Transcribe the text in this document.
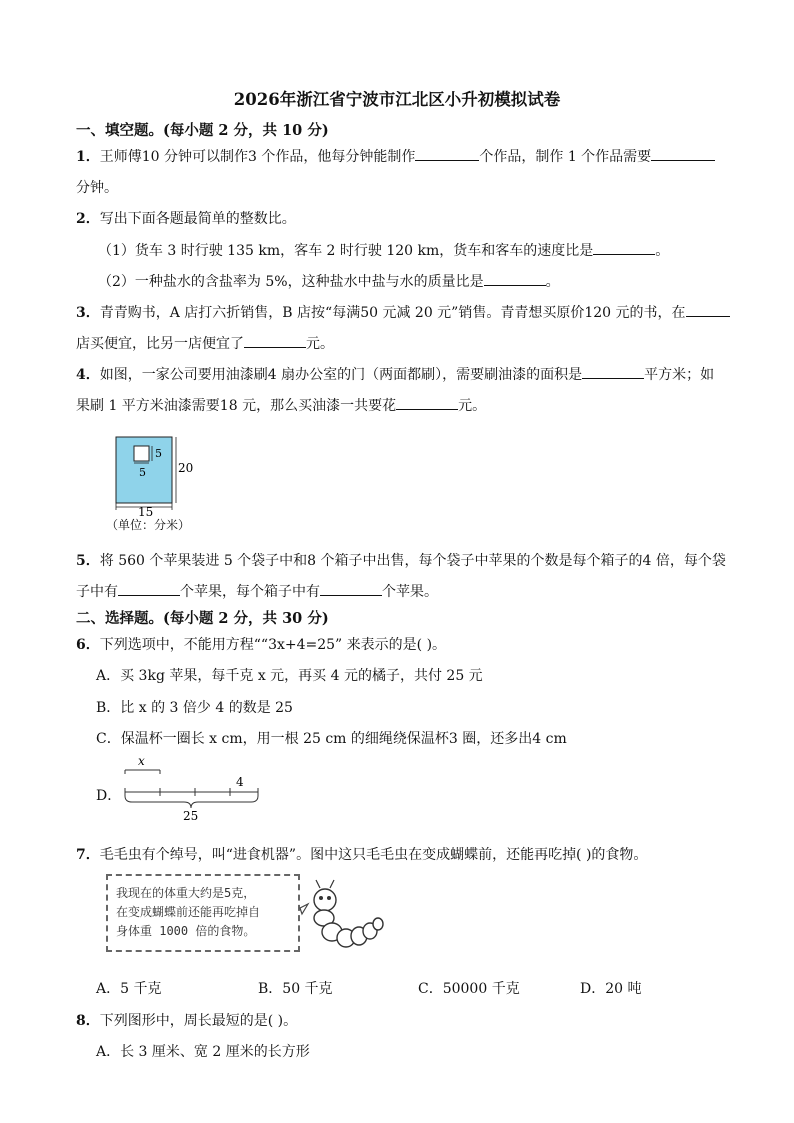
2026年浙江省宁波市江北区小升初模拟试卷
一、填空题。(每小题 2 分，共 10 分)
1．王师傅10 分钟可以制作3 个作品，他每分钟能制作	个作品，制作 1 个作品需要
分钟。
2．写出下面各题最简单的整数比。
（1）货车 3 时行驶 135 km，客车 2 时行驶 120 km，货车和客车的速度比是	。
（2）一种盐水的含盐率为 5%，这种盐水中盐与水的质量比是	。
3．青青购书，A 店打六折销售，B 店按“每满50 元减 20 元”销售。青青想买原价120 元的书，在
店买便宜，比另一店便宜了	元。
4．如图，一家公司要用油漆刷4 扇办公室的门（两面都刷），需要刷油漆的面积是	平方米；如
果刷 1 平方米油漆需要18 元，那么买油漆一共要花	元。
5
5	20
15
（单位：分米）
5．将 560 个苹果装进 5 个袋子中和8 个箱子中出售，每个袋子中苹果的个数是每个箱子的4 倍，每个袋
子中有	个苹果，每个箱子中有	个苹果。
二、选择题。(每小题 2 分，共 30 分)
6．下列选项中，不能用方程““3x+4=25” 来表示的是( )。
A．买 3kg 苹果，每千克 x 元，再买 4 元的橘子，共付 25 元
B．比 x 的 3 倍少 4 的数是 25
C．保温杯一圈长 x cm，用一根 25 cm 的细绳绕保温杯3 圈，还多出4 cm
D．
x
4
25
7．毛毛虫有个绰号，叫“进食机器”。图中这只毛毛虫在变成蝴蝶前，还能再吃掉( )的食物。
我现在的体重大约是5克，
在变成蝴蝶前还能再吃掉自
身体重 1000 倍的食物。
A．5 千克	B．50 千克	C．50000 千克	D．20 吨
8．下列图形中，周长最短的是( )。
A．长 3 厘米、宽 2 厘米的长方形
